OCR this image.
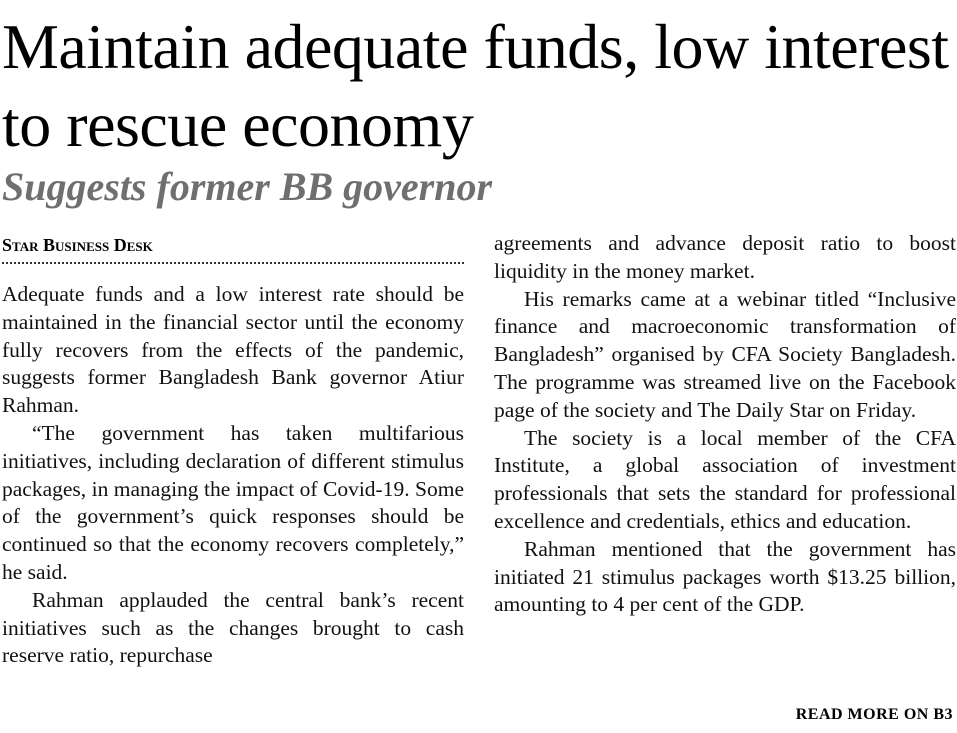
Maintain adequate funds, low interest to rescue economy
Suggests former BB governor
Star Business Desk

Adequate funds and a low interest rate should be maintained in the financial sector until the economy fully recovers from the effects of the pandemic, suggests former Bangladesh Bank governor Atiur Rahman.

“The government has taken multifarious initiatives, including declaration of different stimulus packages, in managing the impact of Covid-19. Some of the government’s quick responses should be continued so that the economy recovers completely,” he said.

Rahman applauded the central bank’s recent initiatives such as the changes brought to cash reserve ratio, repurchase

agreements and advance deposit ratio to boost liquidity in the money market.

His remarks came at a webinar titled “Inclusive finance and macroeconomic transformation of Bangladesh” organised by CFA Society Bangladesh. The programme was streamed live on the Facebook page of the society and The Daily Star on Friday.

The society is a local member of the CFA Institute, a global association of investment professionals that sets the standard for professional excellence and credentials, ethics and education.

Rahman mentioned that the government has initiated 21 stimulus packages worth $13.25 billion, amounting to 4 per cent of the GDP.

READ MORE ON B3
